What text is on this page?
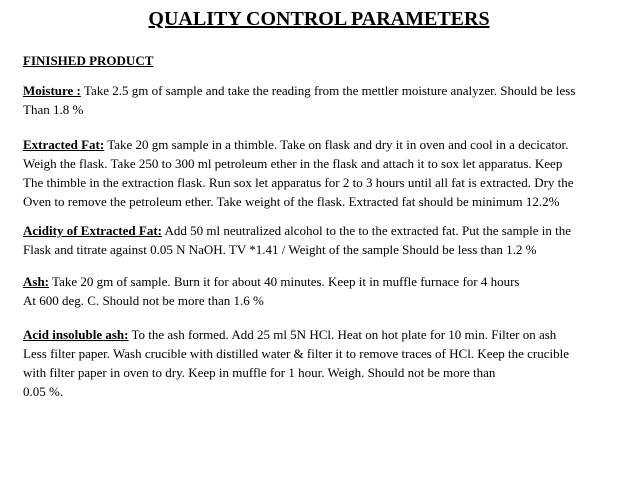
QUALITY CONTROL PARAMETERS
FINISHED PRODUCT
Moisture : Take 2.5 gm of sample and take the reading from the mettler moisture analyzer. Should be less
Than 1.8 %
Extracted Fat: Take 20 gm sample in a thimble. Take on flask and dry it in oven and cool in a decicator.
Weigh the flask. Take 250 to 300 ml petroleum ether in the flask and attach it to sox let apparatus. Keep
The thimble in the extraction flask. Run sox let apparatus for 2 to 3 hours until all fat is extracted. Dry the
Oven to remove the petroleum ether. Take weight of the flask. Extracted fat should be minimum 12.2%
Acidity of Extracted Fat: Add 50 ml neutralized alcohol to the to the extracted fat. Put the sample in the
Flask and titrate against 0.05 N NaOH. TV *1.41 / Weight of the sample Should be less than 1.2 %
Ash: Take 20 gm of sample. Burn it for about 40 minutes. Keep it in muffle furnace for 4 hours
At 600 deg. C. Should not be more than 1.6 %
Acid insoluble ash: To the ash formed. Add 25 ml 5N HCl. Heat on hot plate for 10 min. Filter on ash
Less filter paper. Wash crucible with distilled water & filter it to remove traces of HCl. Keep the crucible
with filter paper in oven to dry. Keep in muffle for 1 hour. Weigh. Should not be more than
0.05 %.
